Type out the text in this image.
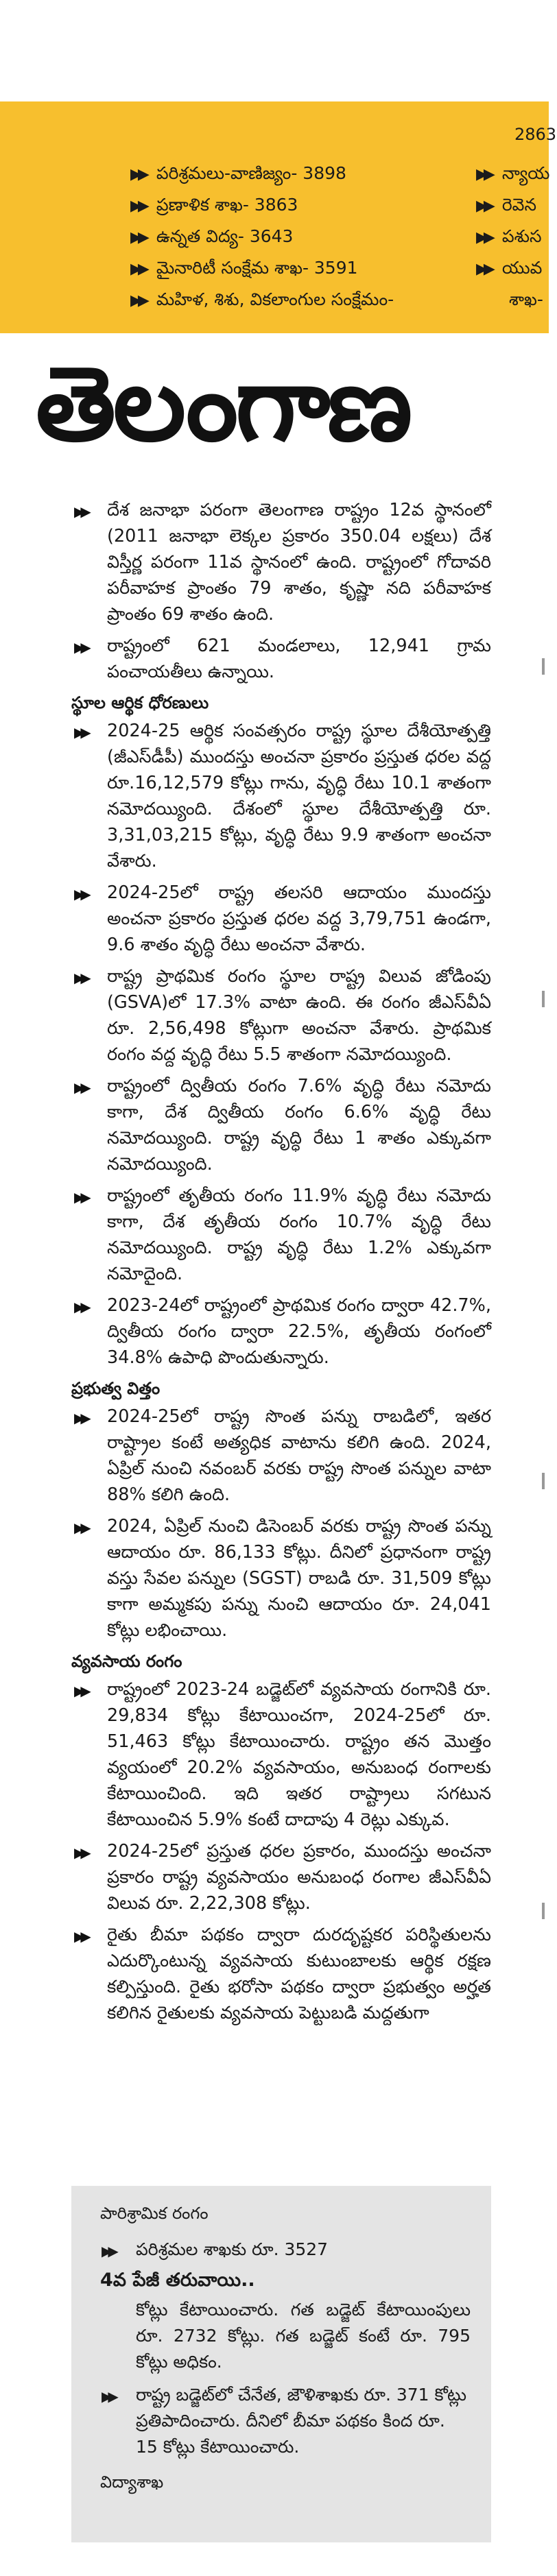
2863
▶▶ పరిశ్రమలు-వాణిజ్యం- 3898
▶▶ ప్రణాళిక శాఖ- 3863
▶▶ ఉన్నత విద్య- 3643
▶▶ మైనారిటీ సంక్షేమ శాఖ- 3591
▶▶ మహిళ, శిశు, వికలాంగుల సంక్షేమం-
▶▶ న్యాయ
▶▶ రెవెన
▶▶ పశుస
▶▶ యువ
శాఖ-
తెలంగాణ
▶▶ దేశ జనాభా పరంగా తెలంగాణ రాష్ట్రం 12వ స్థానంలో (2011 జనాభా లెక్కల ప్రకారం 350.04 లక్షలు) దేశ విస్తీర్ణ పరంగా 11వ స్థానంలో ఉంది. రాష్ట్రంలో గోదావరి పరీవాహక ప్రాంతం 79 శాతం, కృష్ణా నది పరీవాహక ప్రాంతం 69 శాతం ఉంది.
▶▶ రాష్ట్రంలో 621 మండలాలు, 12,941 గ్రామ పంచాయతీలు ఉన్నాయి.
స్థూల ఆర్థిక ధోరణులు
▶▶ 2024-25 ఆర్థిక సంవత్సరం రాష్ట్ర స్థూల దేశీయోత్పత్తి (జీఎస్‌డీపీ) ముందస్తు అంచనా ప్రకారం ప్రస్తుత ధరల వద్ద రూ.16,12,579 కోట్లు గాను, వృద్ధి రేటు 10.1 శాతంగా నమోదయ్యింది. దేశంలో స్థూల దేశీయోత్పత్తి రూ. 3,31,03,215 కోట్లు, వృద్ధి రేటు 9.9 శాతంగా అంచనా వేశారు.
▶▶ 2024-25లో రాష్ట్ర తలసరి ఆదాయం ముందస్తు అంచనా ప్రకారం ప్రస్తుత ధరల వద్ద 3,79,751 ఉండగా, 9.6 శాతం వృద్ధి రేటు అంచనా వేశారు.
▶▶ రాష్ట్ర ప్రాథమిక రంగం స్థూల రాష్ట్ర విలువ జోడింపు (GSVA)లో 17.3% వాటా ఉంది. ఈ రంగం జీఎస్‌వీఏ రూ. 2,56,498 కోట్లుగా అంచనా వేశారు. ప్రాథమిక రంగం వద్ద వృద్ధి రేటు 5.5 శాతంగా నమోదయ్యింది.
▶▶ రాష్ట్రంలో ద్వితీయ రంగం 7.6% వృద్ధి రేటు నమోదు కాగా, దేశ ద్వితీయ రంగం 6.6% వృద్ధి రేటు నమోదయ్యింది. రాష్ట్ర వృద్ధి రేటు 1 శాతం ఎక్కువగా నమోదయ్యింది.
▶▶ రాష్ట్రంలో తృతీయ రంగం 11.9% వృద్ధి రేటు నమోదు కాగా, దేశ తృతీయ రంగం 10.7% వృద్ధి రేటు నమోదయ్యింది. రాష్ట్ర వృద్ధి రేటు 1.2% ఎక్కువగా నమోదైంది.
▶▶ 2023-24లో రాష్ట్రంలో ప్రాథమిక రంగం ద్వారా 42.7%, ద్వితీయ రంగం ద్వారా 22.5%, తృతీయ రంగంలో 34.8% ఉపాధి పొందుతున్నారు.
ప్రభుత్వ విత్తం
▶▶ 2024-25లో రాష్ట్ర సొంత పన్ను రాబడిలో, ఇతర రాష్ట్రాల కంటే అత్యధిక వాటాను కలిగి ఉంది. 2024, ఏప్రిల్ నుంచి నవంబర్ వరకు రాష్ట్ర సొంత పన్నుల వాటా 88% కలిగి ఉంది.
▶▶ 2024, ఏప్రిల్ నుంచి డిసెంబర్ వరకు రాష్ట్ర సొంత పన్ను ఆదాయం రూ. 86,133 కోట్లు. దీనిలో ప్రధానంగా రాష్ట్ర వస్తు సేవల పన్నుల (SGST) రాబడి రూ. 31,509 కోట్లు కాగా అమ్మకపు పన్ను నుంచి ఆదాయం రూ. 24,041 కోట్లు లభించాయి.
వ్యవసాయ రంగం
▶▶ రాష్ట్రంలో 2023-24 బడ్జెట్‌లో వ్యవసాయ రంగానికి రూ. 29,834 కోట్లు కేటాయించగా, 2024-25లో రూ. 51,463 కోట్లు కేటాయించారు. రాష్ట్రం తన మొత్తం వ్యయంలో 20.2% వ్యవసాయం, అనుబంధ రంగాలకు కేటాయించింది. ఇది ఇతర రాష్ట్రాలు సగటున కేటాయించిన 5.9% కంటే దాదాపు 4 రెట్లు ఎక్కువ.
▶▶ 2024-25లో ప్రస్తుత ధరల ప్రకారం, ముందస్తు అంచనా ప్రకారం రాష్ట్ర వ్యవసాయం అనుబంధ రంగాల జీఎస్‌వీఏ విలువ రూ. 2,22,308 కోట్లు.
▶▶ రైతు బీమా పథకం ద్వారా దురదృష్టకర పరిస్థితులను ఎదుర్కొంటున్న వ్యవసాయ కుటుంబాలకు ఆర్థిక రక్షణ కల్పిస్తుంది. రైతు భరోసా పథకం ద్వారా ప్రభుత్వం అర్హత కలిగిన రైతులకు వ్యవసాయ పెట్టుబడి మద్దతుగా
పారిశ్రామిక రంగం
▶▶ పరిశ్రమల శాఖకు రూ. 3527
4వ పేజీ తరువాయి..
కోట్లు కేటాయించారు. గత బడ్జెట్ కేటాయింపులు రూ. 2732 కోట్లు. గత బడ్జెట్ కంటే రూ. 795 కోట్లు అధికం.
▶▶ రాష్ట్ర బడ్జెట్‌లో చేనేత, జౌళిశాఖకు రూ. 371 కోట్లు ప్రతిపాదించారు. దీనిలో బీమా పథకం కింద రూ. 15 కోట్లు కేటాయించారు.
విద్యాశాఖ
